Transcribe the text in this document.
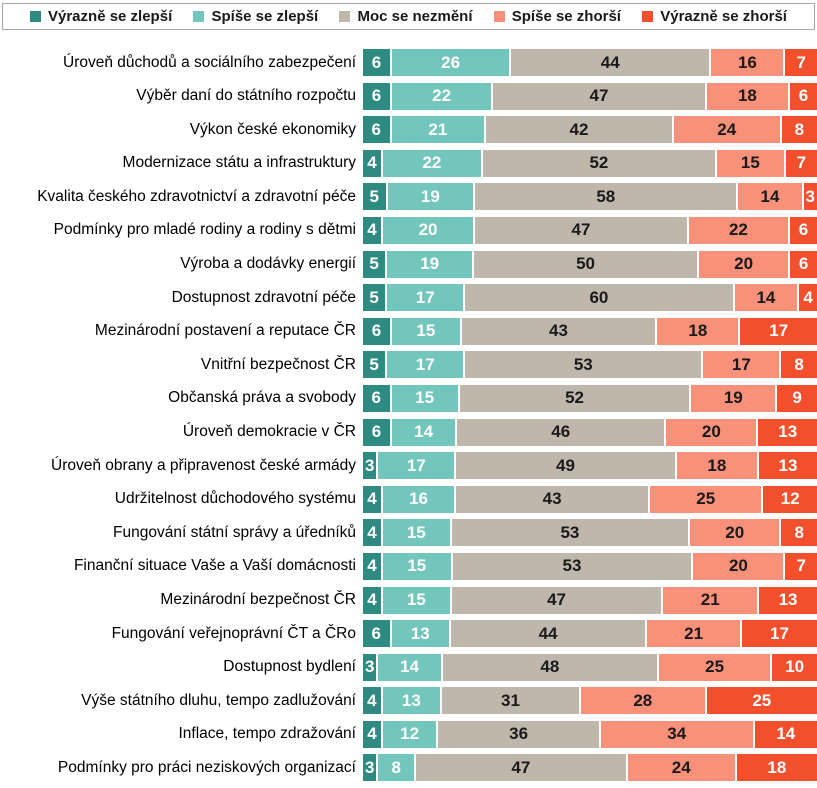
Výrazně se zlepší	Spíše se zlepší	Moc se nezmění	Spíše se zhorší	Výrazně se zhorší
Úroveň důchodů a sociálního zabezpečení 6	26	44	16	7
Výběr daní do státního rozpočtu 6	22	47	18	6
Výkon české ekonomiky 6	21	42	24	8
Modernizace státu a infrastruktury 4	22	52	15	7
Kvalita českého zdravotnictví a zdravotní péče 5	19	58	14	3
Podmínky pro mladé rodiny a rodiny s dětmi 4	20	47	22	6
Výroba a dodávky energií 5	19	50	20	6
Dostupnost zdravotní péče 5	17	60	14	4
Mezinárodní postavení a reputace ČR 6	15	43	18	17
Vnitřní bezpečnost ČR 5	17	53	17	8
Občanská práva a svobody 6	15	52	19	9
Úroveň demokracie v ČR 6	14	46	20	13
Úroveň obrany a připravenost české armády 3	17	49	18	13
Udržitelnost důchodového systému 4	16	43	25	12
Fungování státní správy a úředníků 4	15	53	20	8
Finanční situace Vaše a Vaší domácnosti 4	15	53	20	7
Mezinárodní bezpečnost ČR 4	15	47	21	13
Fungování veřejnoprávní ČT a ČRo 6	13	44	21	17
Dostupnost bydlení 3	14	48	25	10
Výše státního dluhu, tempo zadlužování 4	13	31	28	25
Inflace, tempo zdražování 4	12	36	34	14
Podmínky pro práci neziskových organizací 3	8	47	24	18
